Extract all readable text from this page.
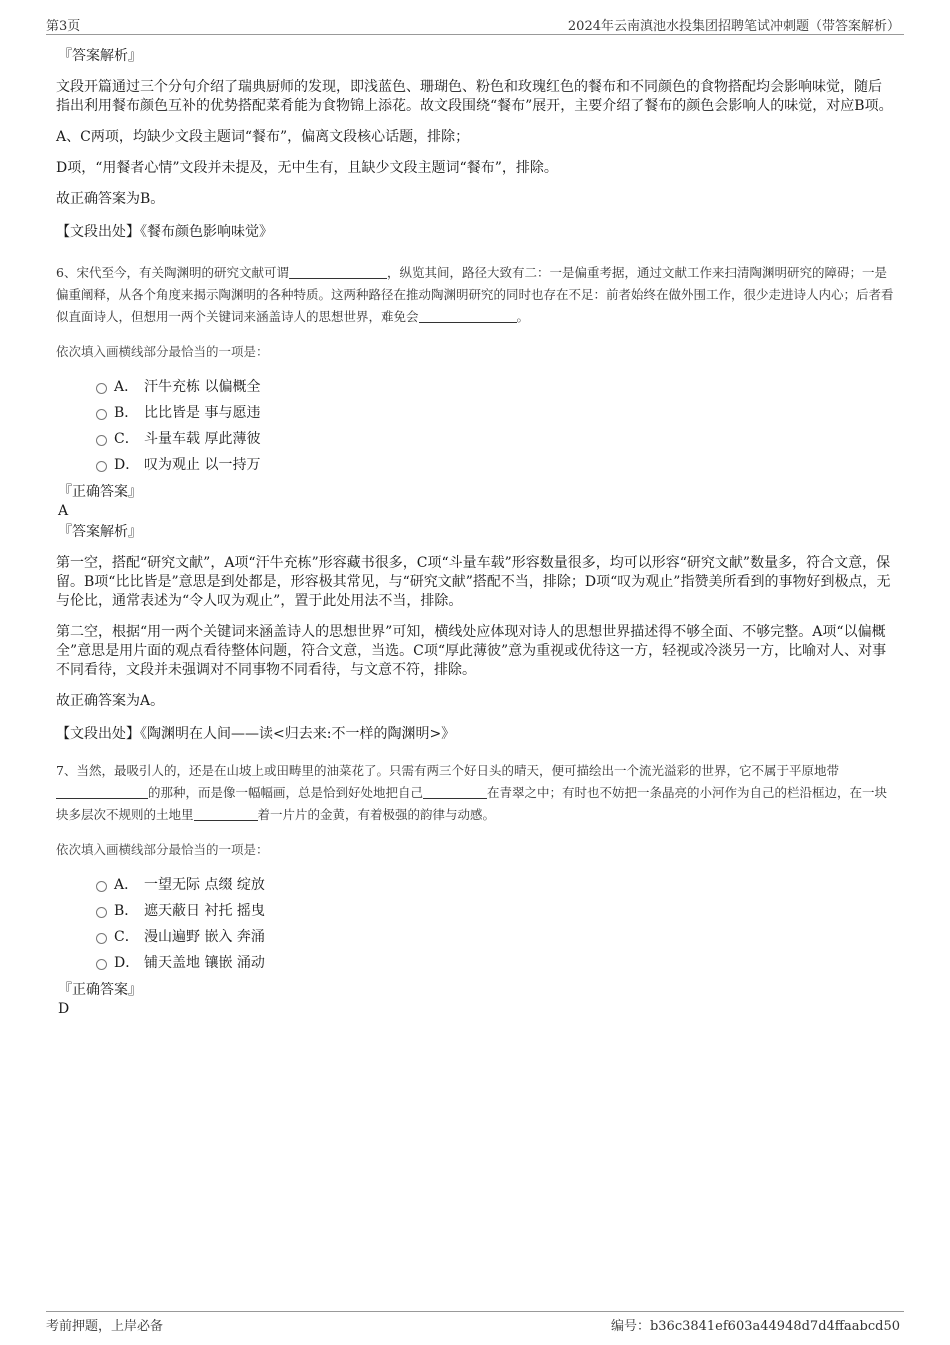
第3页	2024年云南滇池水投集团招聘笔试冲刺题（带答案解析）
『答案解析』

文段开篇通过三个分句介绍了瑞典厨师的发现，即浅蓝色、珊瑚色、粉色和玫瑰红色的餐布和不同颜色的食物搭配均会影响味觉，随后指出利用餐布颜色互补的优势搭配菜肴能为食物锦上添花。故文段围绕“餐布”展开，主要介绍了餐布的颜色会影响人的味觉，对应B项。

A、C两项，均缺少文段主题词“餐布”，偏离文段核心话题，排除；

D项，“用餐者心情”文段并未提及，无中生有，且缺少文段主题词“餐布”，排除。

故正确答案为B。

【文段出处】《餐布颜色影响味觉》

6、宋代至今，有关陶渊明的研究文献可谓	，纵览其间，路径大致有二：一是偏重考据，通过文献工作来扫清陶渊明研究的障碍；一是偏重阐释，从各个角度来揭示陶渊明的各种特质。这两种路径在推动陶渊明研究的同时也存在不足：前者始终在做外围工作，很少走进诗人内心；后者看似直面诗人，但想用一两个关键词来涵盖诗人的思想世界，难免会	。

依次填入画横线部分最恰当的一项是：

A． 汗牛充栋 以偏概全
B． 比比皆是 事与愿违
C． 斗量车载 厚此薄彼
D． 叹为观止 以一持万
『正确答案』

A

『答案解析』

第一空，搭配“研究文献”，A项“汗牛充栋”形容藏书很多，C项“斗量车载”形容数量很多，均可以形容“研究文献”数量多，符合文意，保留。B项“比比皆是”意思是到处都是，形容极其常见，与“研究文献”搭配不当，排除；D项“叹为观止”指赞美所看到的事物好到极点，无与伦比，通常表述为“令人叹为观止”，置于此处用法不当，排除。

第二空，根据“用一两个关键词来涵盖诗人的思想世界”可知，横线处应体现对诗人的思想世界描述得不够全面、不够完整。A项“以偏概全”意思是用片面的观点看待整体问题，符合文意，当选。C项“厚此薄彼”意为重视或优待这一方，轻视或冷淡另一方，比喻对人、对事不同看待，文段并未强调对不同事物不同看待，与文意不符，排除。

故正确答案为A。

【文段出处】《陶渊明在人间——读<归去来:不一样的陶渊明>》

7、当然，最吸引人的，还是在山坡上或田畴里的油菜花了。只需有两三个好日头的晴天，便可描绘出一个流光溢彩的世界，它不属于平原地带的那种，而是像一幅幅画，总是恰到好处地把自己	在青翠之中；有时也不妨把一条晶亮的小河作为自己的栏沿框边，在一块块多层次不规则的土地里	着一片片的金黄，有着极强的韵律与动感。

依次填入画横线部分最恰当的一项是：

A． 一望无际 点缀 绽放
B． 遮天蔽日 衬托 摇曳
C． 漫山遍野 嵌入 奔涌
D． 铺天盖地 镶嵌 涌动
『正确答案』

D

考前押题，上岸必备	编号：b36c3841ef603a44948d7d4ffaabcd50
